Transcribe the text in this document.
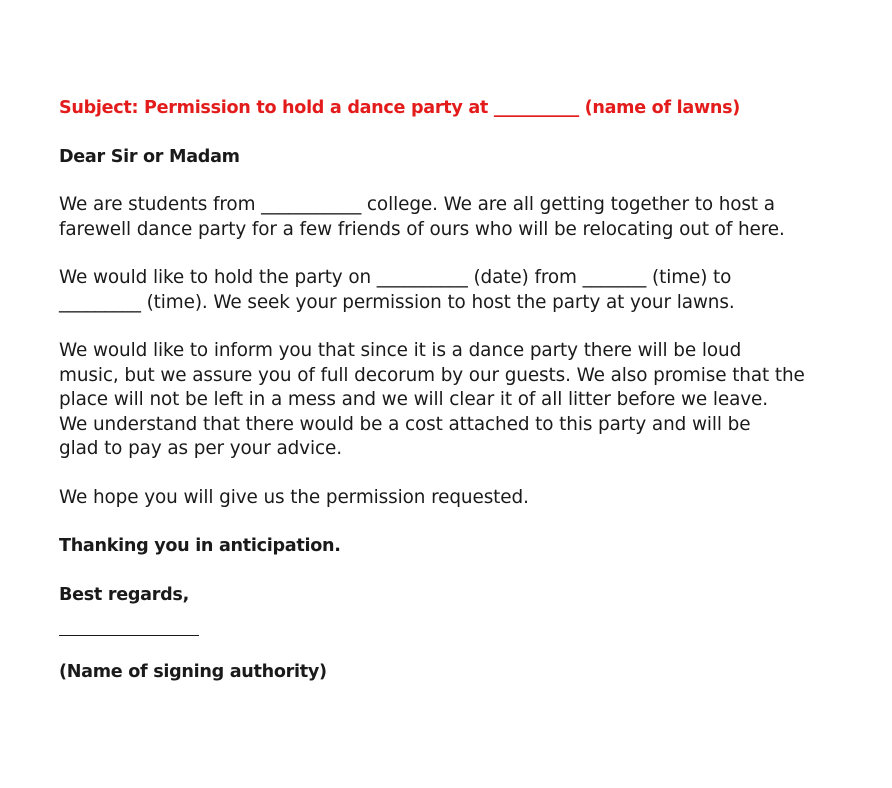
Subject: Permission to hold a dance party at __________ (name of lawns)
Dear Sir or Madam
We are students from ___________ college. We are all getting together to host a
farewell dance party for a few friends of ours who will be relocating out of here.
We would like to hold the party on __________ (date) from _______ (time) to
_________ (time). We seek your permission to host the party at your lawns.
We would like to inform you that since it is a dance party there will be loud
music, but we assure you of full decorum by our guests. We also promise that the
place will not be left in a mess and we will clear it of all litter before we leave.
We understand that there would be a cost attached to this party and will be
glad to pay as per your advice.
We hope you will give us the permission requested.
Thanking you in anticipation.
Best regards,
(Name of signing authority)
